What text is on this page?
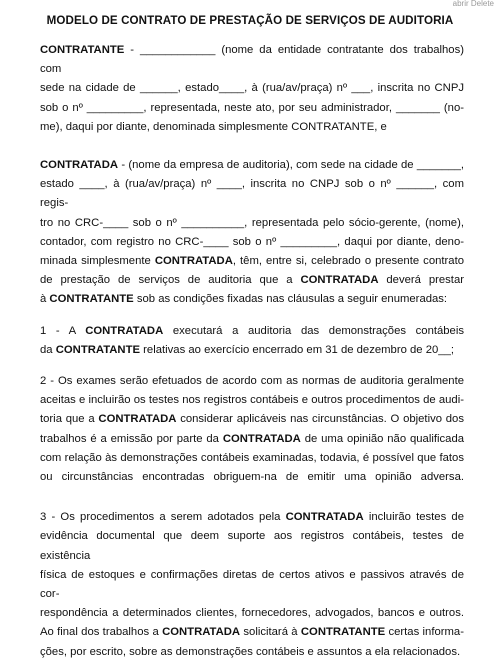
abrir Delete
MODELO DE CONTRATO DE PRESTAÇÃO DE SERVIÇOS DE AUDITORIA

CONTRATANTE - ____________ (nome da entidade contratante dos trabalhos) com

sede na cidade de ______, estado____, à (rua/av/praça) nº ___, inscrita no CNPJ

sob o nº _________, representada, neste ato, por seu administrador, _______ (no-

me), daqui por diante, denominada simplesmente CONTRATANTE, e

CONTRATADA - (nome da empresa de auditoria), com sede na cidade de _______,

estado ____, à (rua/av/praça) nº ____, inscrita no CNPJ sob o nº ______, com regis-

tro no CRC-____ sob o nº __________, representada pelo sócio-gerente, (nome),

contador, com registro no CRC-____ sob o nº _________, daqui por diante, deno-

minada simplesmente CONTRATADA, têm, entre si, celebrado o presente contrato

de prestação de serviços de auditoria que a CONTRATADA deverá prestar

à CONTRATANTE sob as condições fixadas nas cláusulas a seguir enumeradas:

1 - A CONTRATADA executará a auditoria das demonstrações contábeis

da CONTRATANTE relativas ao exercício encerrado em 31 de dezembro de 20__;

2 - Os exames serão efetuados de acordo com as normas de auditoria geralmente

aceitas e incluirão os testes nos registros contábeis e outros procedimentos de audi-

toria que a CONTRATADA considerar aplicáveis nas circunstâncias. O objetivo dos

trabalhos é a emissão por parte da CONTRATADA de uma opinião não qualificada

com relação às demonstrações contábeis examinadas, todavia, é possível que fatos

ou circunstâncias encontradas obriguem-na de emitir uma opinião adversa.

3 - Os procedimentos a serem adotados pela CONTRATADA incluirão testes de

evidência documental que deem suporte aos registros contábeis, testes de existência

física de estoques e confirmações diretas de certos ativos e passivos através de cor-

respondência a determinados clientes, fornecedores, advogados, bancos e outros.

Ao final dos trabalhos a CONTRATADA solicitará à CONTRATANTE certas informa-

ções, por escrito, sobre as demonstrações contábeis e assuntos a ela relacionados.
